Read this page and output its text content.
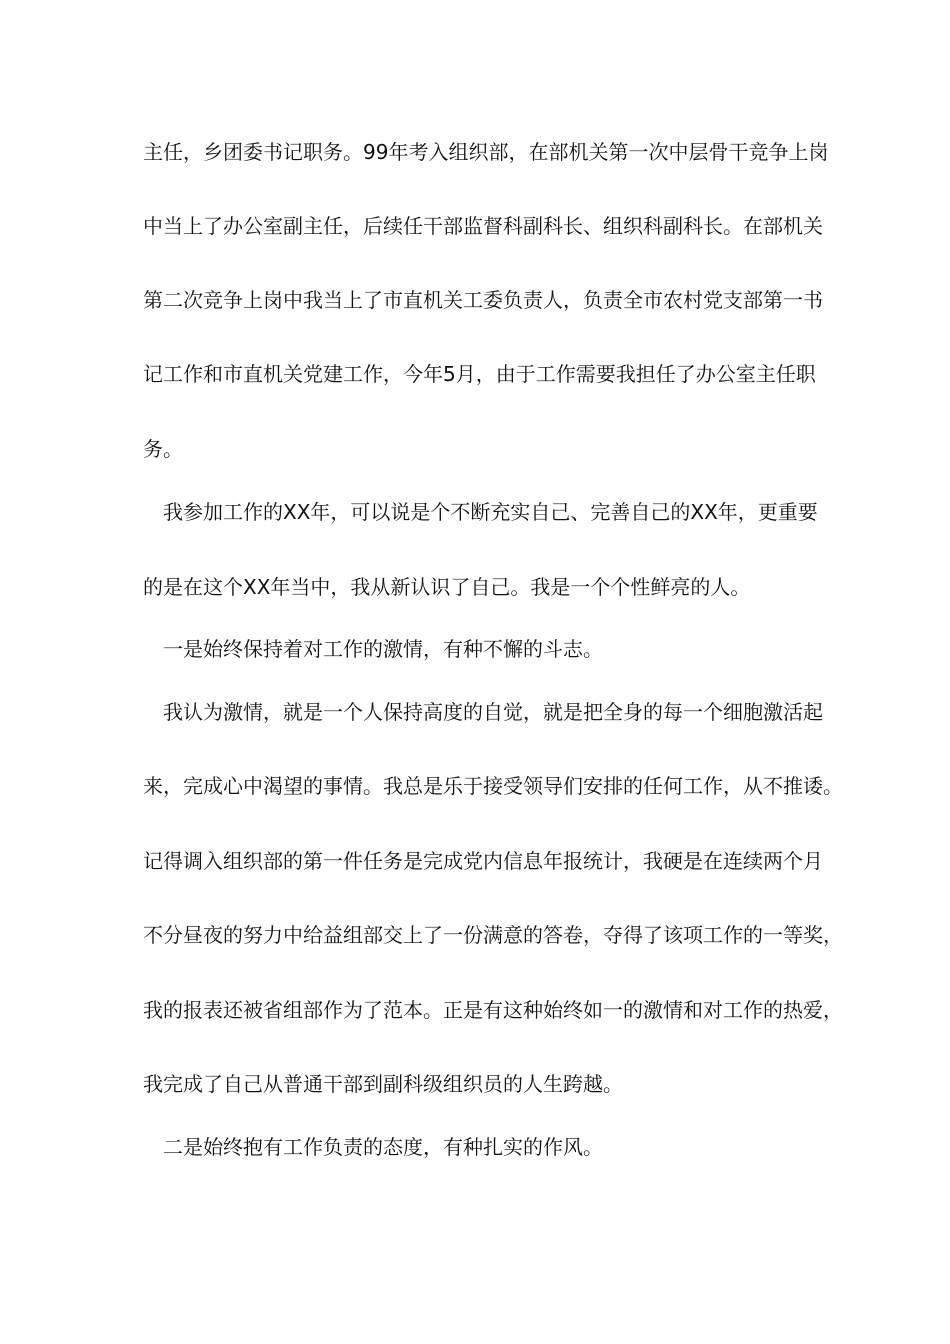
主任，乡团委书记职务。99年考入组织部，在部机关第一次中层骨干竞争上岗
中当上了办公室副主任，后续任干部监督科副科长、组织科副科长。在部机关
第二次竞争上岗中我当上了市直机关工委负责人，负责全市农村党支部第一书
记工作和市直机关党建工作，今年5月，由于工作需要我担任了办公室主任职
务。
我参加工作的XX年，可以说是个不断充实自己、完善自己的XX年，更重要
的是在这个XX年当中，我从新认识了自己。我是一个个性鲜亮的人。
一是始终保持着对工作的激情，有种不懈的斗志。
我认为激情，就是一个人保持高度的自觉，就是把全身的每一个细胞激活起
来，完成心中渴望的事情。我总是乐于接受领导们安排的任何工作，从不推诿。
记得调入组织部的第一件任务是完成党内信息年报统计，我硬是在连续两个月
不分昼夜的努力中给益组部交上了一份满意的答卷，夺得了该项工作的一等奖，
我的报表还被省组部作为了范本。正是有这种始终如一的激情和对工作的热爱，
我完成了自己从普通干部到副科级组织员的人生跨越。
二是始终抱有工作负责的态度，有种扎实的作风。
